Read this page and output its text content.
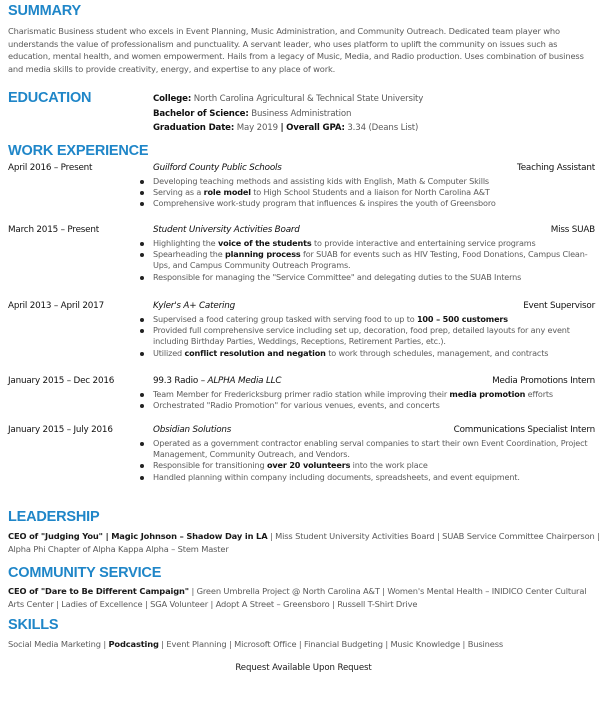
SUMMARY

Charismatic Business student who excels in Event Planning, Music Administration, and Community Outreach. Dedicated team player who understands the value of professionalism and punctuality. A servant leader, who uses platform to uplift the community on issues such as education, mental health, and women empowerment. Hails from a legacy of Music, Media, and Radio production. Uses combination of business and media skills to provide creativity, energy, and expertise to any place of work.

EDUCATION	College: North Carolina Agricultural & Technical State University
Bachelor of Science: Business Administration
Graduation Date: May 2019 | Overall GPA: 3.34 (Deans List)
WORK EXPERIENCE
April 2016 – Present	Guilford County Public Schools	Teaching Assistant
Developing teaching methods and assisting kids with English, Math & Computer Skills
Serving as a role model to High School Students and a liaison for North Carolina A&T
Comprehensive work-study program that influences & inspires the youth of Greensboro
March 2015 – Present	Student University Activities Board	Miss SUAB
Highlighting the voice of the students to provide interactive and entertaining service programs
Spearheading the planning process for SUAB for events such as HIV Testing, Food Donations, Campus Clean-Ups, and Campus Community Outreach Programs.
Responsible for managing the "Service Committee" and delegating duties to the SUAB Interns
April 2013 – April 2017	Kyler's A+ Catering	Event Supervisor
Supervised a food catering group tasked with serving food to up to 100 – 500 customers
Provided full comprehensive service including set up, decoration, food prep, detailed layouts for any event including Birthday Parties, Weddings, Receptions, Retirement Parties, etc.).
Utilized conflict resolution and negation to work through schedules, management, and contracts
January 2015 – Dec 2016	99.3 Radio – ALPHA Media LLC	Media Promotions Intern
Team Member for Fredericksburg primer radio station while improving their media promotion efforts
Orchestrated "Radio Promotion" for various venues, events, and concerts
January 2015 – July 2016	Obsidian Solutions	Communications Specialist Intern
Operated as a government contractor enabling serval companies to start their own Event Coordination, Project Management, Community Outreach, and Vendors.
Responsible for transitioning over 20 volunteers into the work place
Handled planning within company including documents, spreadsheets, and event equipment.
LEADERSHIP

CEO of "Judging You" | Magic Johnson – Shadow Day in LA | Miss Student University Activities Board | SUAB Service Committee Chairperson | Alpha Phi Chapter of Alpha Kappa Alpha – Stem Master

COMMUNITY SERVICE

CEO of "Dare to Be Different Campaign" | Green Umbrella Project @ North Carolina A&T | Women's Mental Health – INIDICO Center Cultural Arts Center | Ladies of Excellence | SGA Volunteer | Adopt A Street – Greensboro | Russell T-Shirt Drive

SKILLS

Social Media Marketing | Podcasting | Event Planning | Microsoft Office | Financial Budgeting | Music Knowledge | Business

Request Available Upon Request
